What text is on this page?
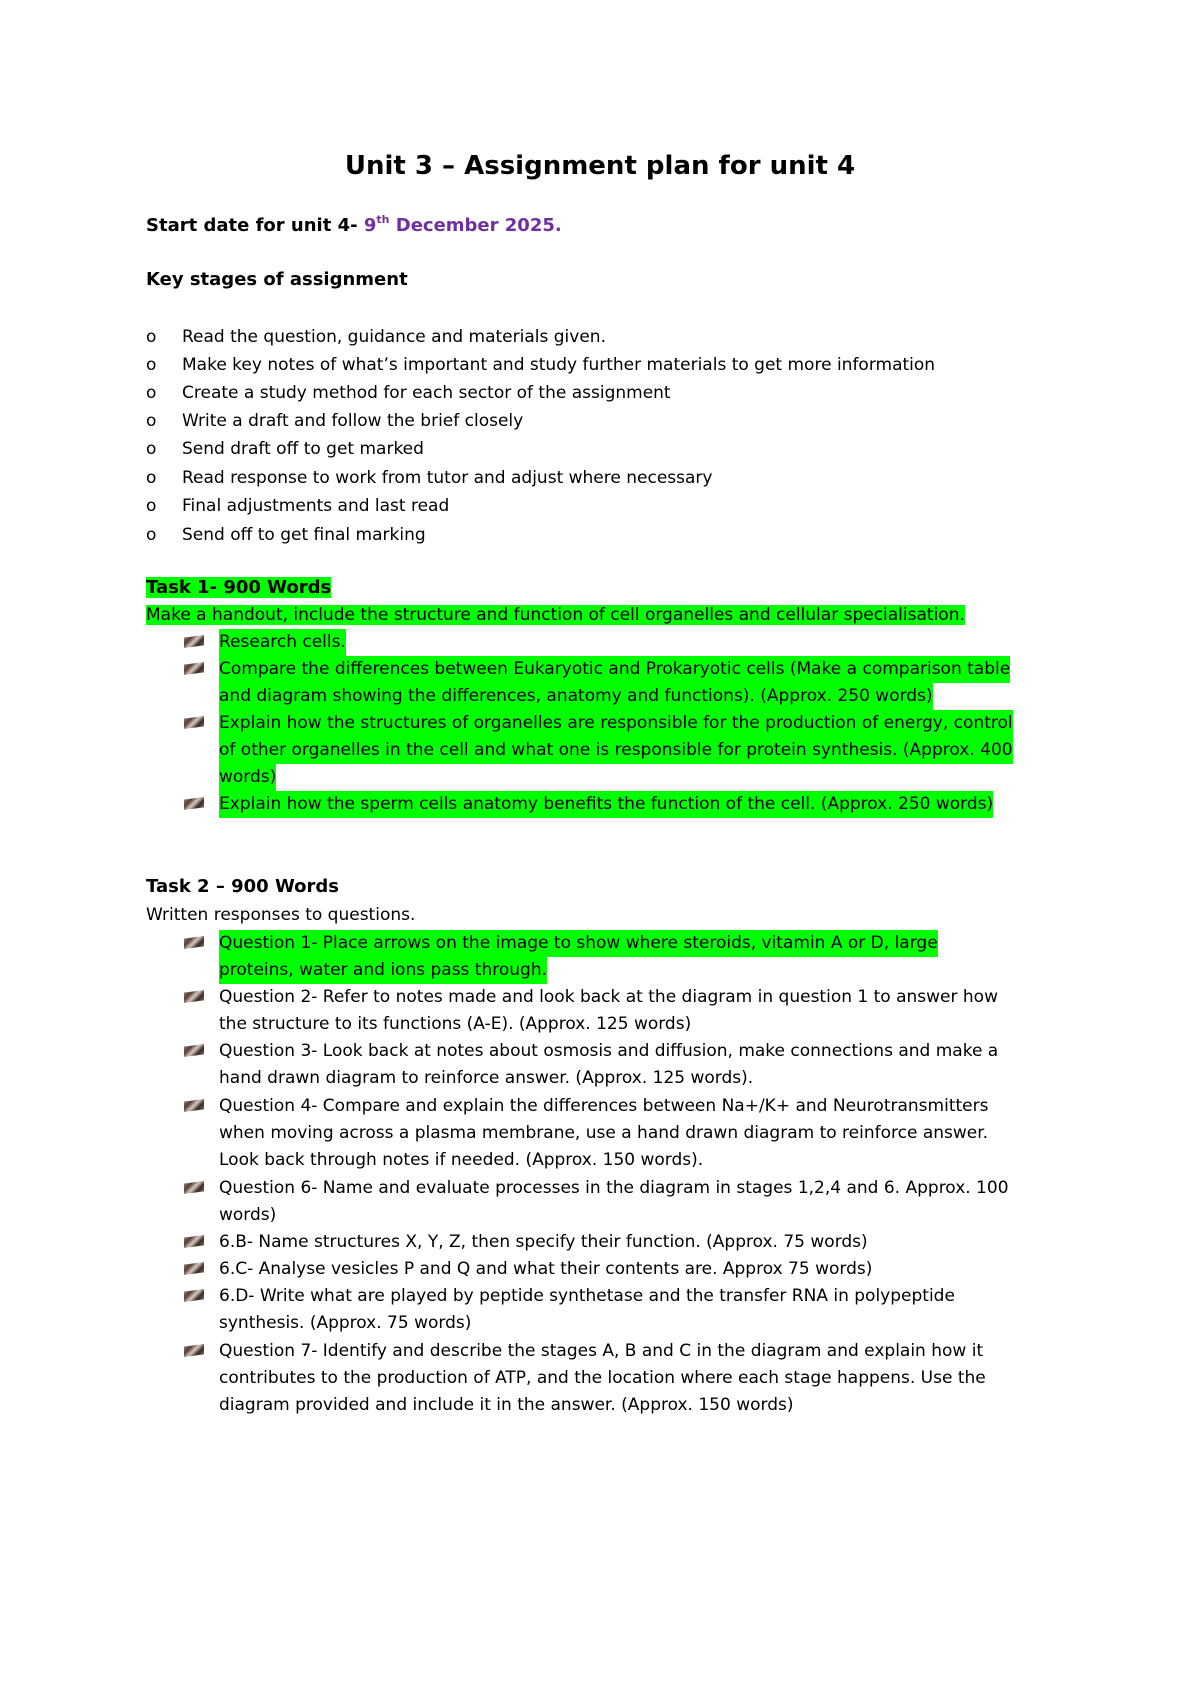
Unit 3 – Assignment plan for unit 4
Start date for unit 4- 9th December 2025.
Key stages of assignment
o Read the question, guidance and materials given.
o Make key notes of what’s important and study further materials to get more information
o Create a study method for each sector of the assignment
o Write a draft and follow the brief closely
o Send draft off to get marked
o Read response to work from tutor and adjust where necessary
o Final adjustments and last read
o Send off to get final marking
Task 1- 900 Words
Make a handout, include the structure and function of cell organelles and cellular specialisation.
Research cells.
Compare the differences between Eukaryotic and Prokaryotic cells (Make a comparison table
and diagram showing the differences, anatomy and functions). (Approx. 250 words)
Explain how the structures of organelles are responsible for the production of energy, control
of other organelles in the cell and what one is responsible for protein synthesis. (Approx. 400
words)
Explain how the sperm cells anatomy benefits the function of the cell. (Approx. 250 words)
Task 2 – 900 Words
Written responses to questions.
Question 1- Place arrows on the image to show where steroids, vitamin A or D, large
proteins, water and ions pass through.
Question 2- Refer to notes made and look back at the diagram in question 1 to answer how
the structure to its functions (A-E). (Approx. 125 words)
Question 3- Look back at notes about osmosis and diffusion, make connections and make a
hand drawn diagram to reinforce answer. (Approx. 125 words).
Question 4- Compare and explain the differences between Na+/K+ and Neurotransmitters
when moving across a plasma membrane, use a hand drawn diagram to reinforce answer.
Look back through notes if needed. (Approx. 150 words).
Question 6- Name and evaluate processes in the diagram in stages 1,2,4 and 6. Approx. 100
words)
6.B- Name structures X, Y, Z, then specify their function. (Approx. 75 words)
6.C- Analyse vesicles P and Q and what their contents are. Approx 75 words)
6.D- Write what are played by peptide synthetase and the transfer RNA in polypeptide
synthesis. (Approx. 75 words)
Question 7- Identify and describe the stages A, B and C in the diagram and explain how it
contributes to the production of ATP, and the location where each stage happens. Use the
diagram provided and include it in the answer. (Approx. 150 words)
